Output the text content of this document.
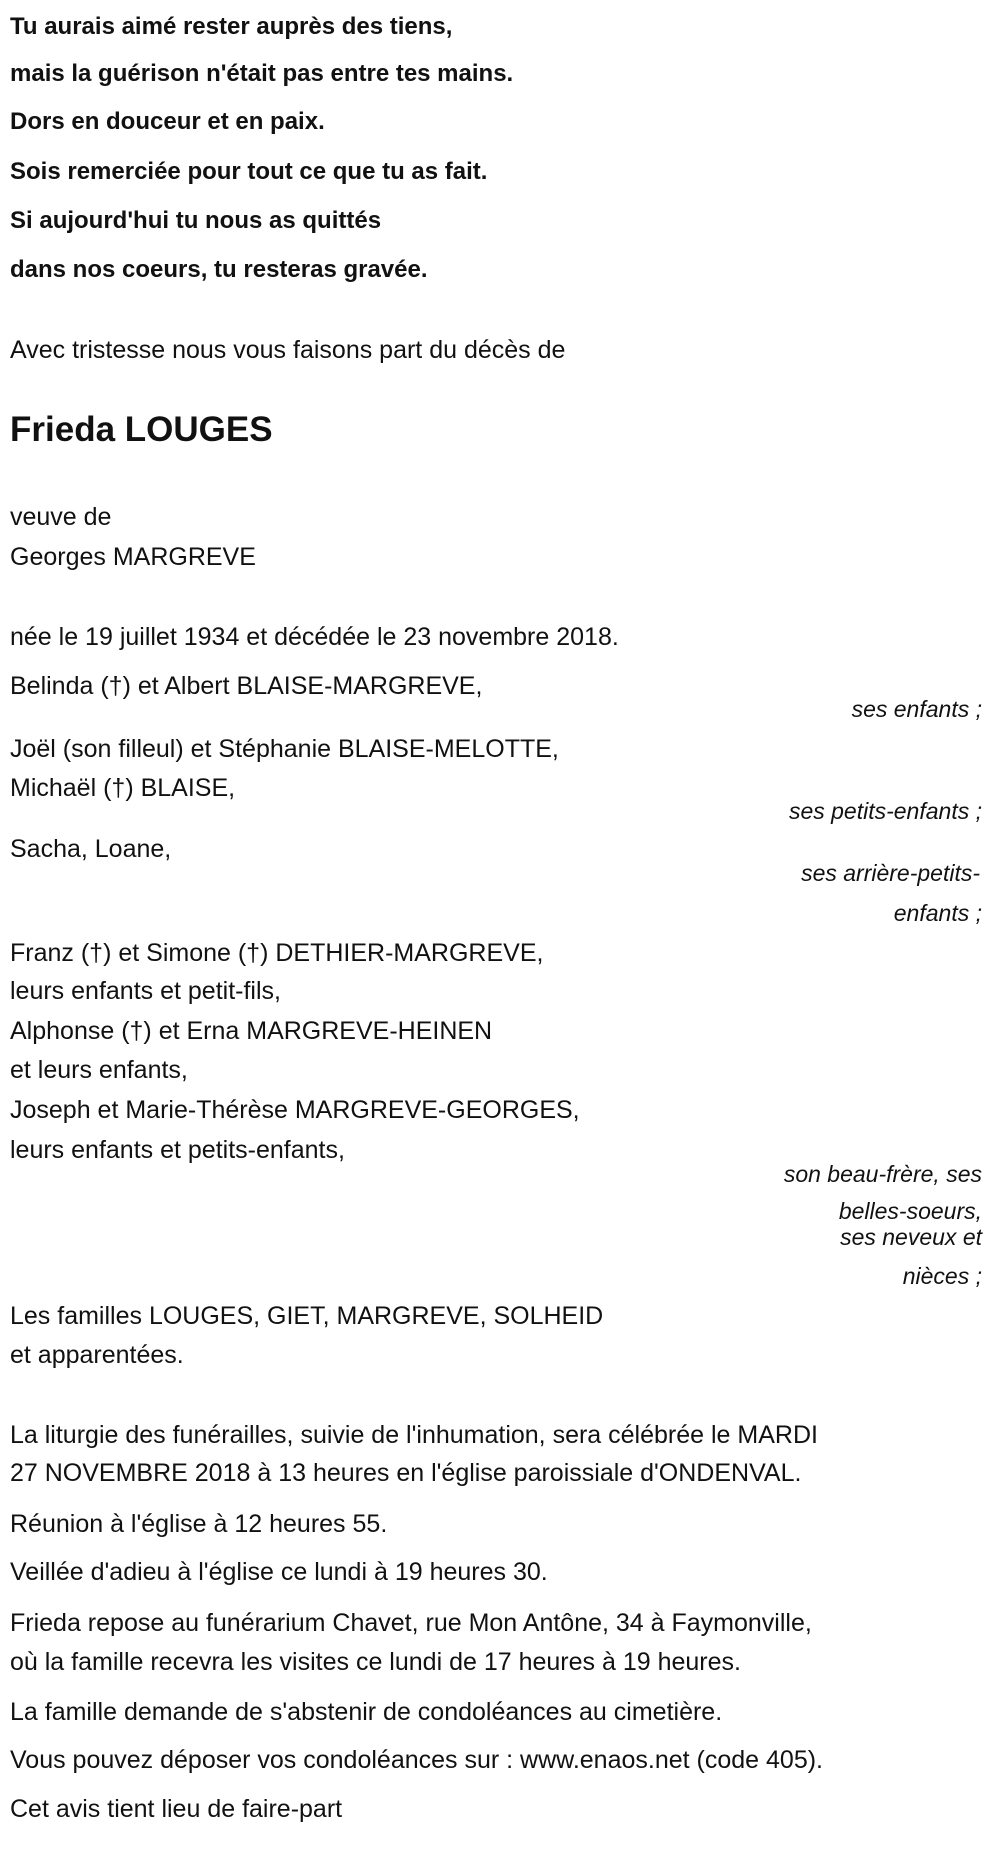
Tu aurais aimé rester auprès des tiens,
mais la guérison n'était pas entre tes mains.
Dors en douceur et en paix.
Sois remerciée pour tout ce que tu as fait.
Si aujourd'hui tu nous as quittés
dans nos coeurs, tu resteras gravée.
Avec tristesse nous vous faisons part du décès de
Frieda LOUGES
veuve de
Georges MARGREVE
née le 19 juillet 1934 et décédée le 23 novembre 2018.
Belinda (†) et Albert BLAISE-MARGREVE,
ses enfants ;
Joël (son filleul) et Stéphanie BLAISE-MELOTTE,
Michaël (†) BLAISE,
ses petits-enfants ;
Sacha, Loane,
ses arrière-petits-
enfants ;
Franz (†) et Simone (†) DETHIER-MARGREVE,
leurs enfants et petit-fils,
Alphonse (†) et Erna MARGREVE-HEINEN
et leurs enfants,
Joseph et Marie-Thérèse MARGREVE-GEORGES,
leurs enfants et petits-enfants,
son beau-frère, ses
belles-soeurs,
ses neveux et
nièces ;
Les familles LOUGES, GIET, MARGREVE, SOLHEID
et apparentées.
La liturgie des funérailles, suivie de l'inhumation, sera célébrée le MARDI
27 NOVEMBRE 2018 à 13 heures en l'église paroissiale d'ONDENVAL.
Réunion à l'église à 12 heures 55.
Veillée d'adieu à l'église ce lundi à 19 heures 30.
Frieda repose au funérarium Chavet, rue Mon Antône, 34 à Faymonville,
où la famille recevra les visites ce lundi de 17 heures à 19 heures.
La famille demande de s'abstenir de condoléances au cimetière.
Vous pouvez déposer vos condoléances sur : www.enaos.net (code 405).
Cet avis tient lieu de faire-part
